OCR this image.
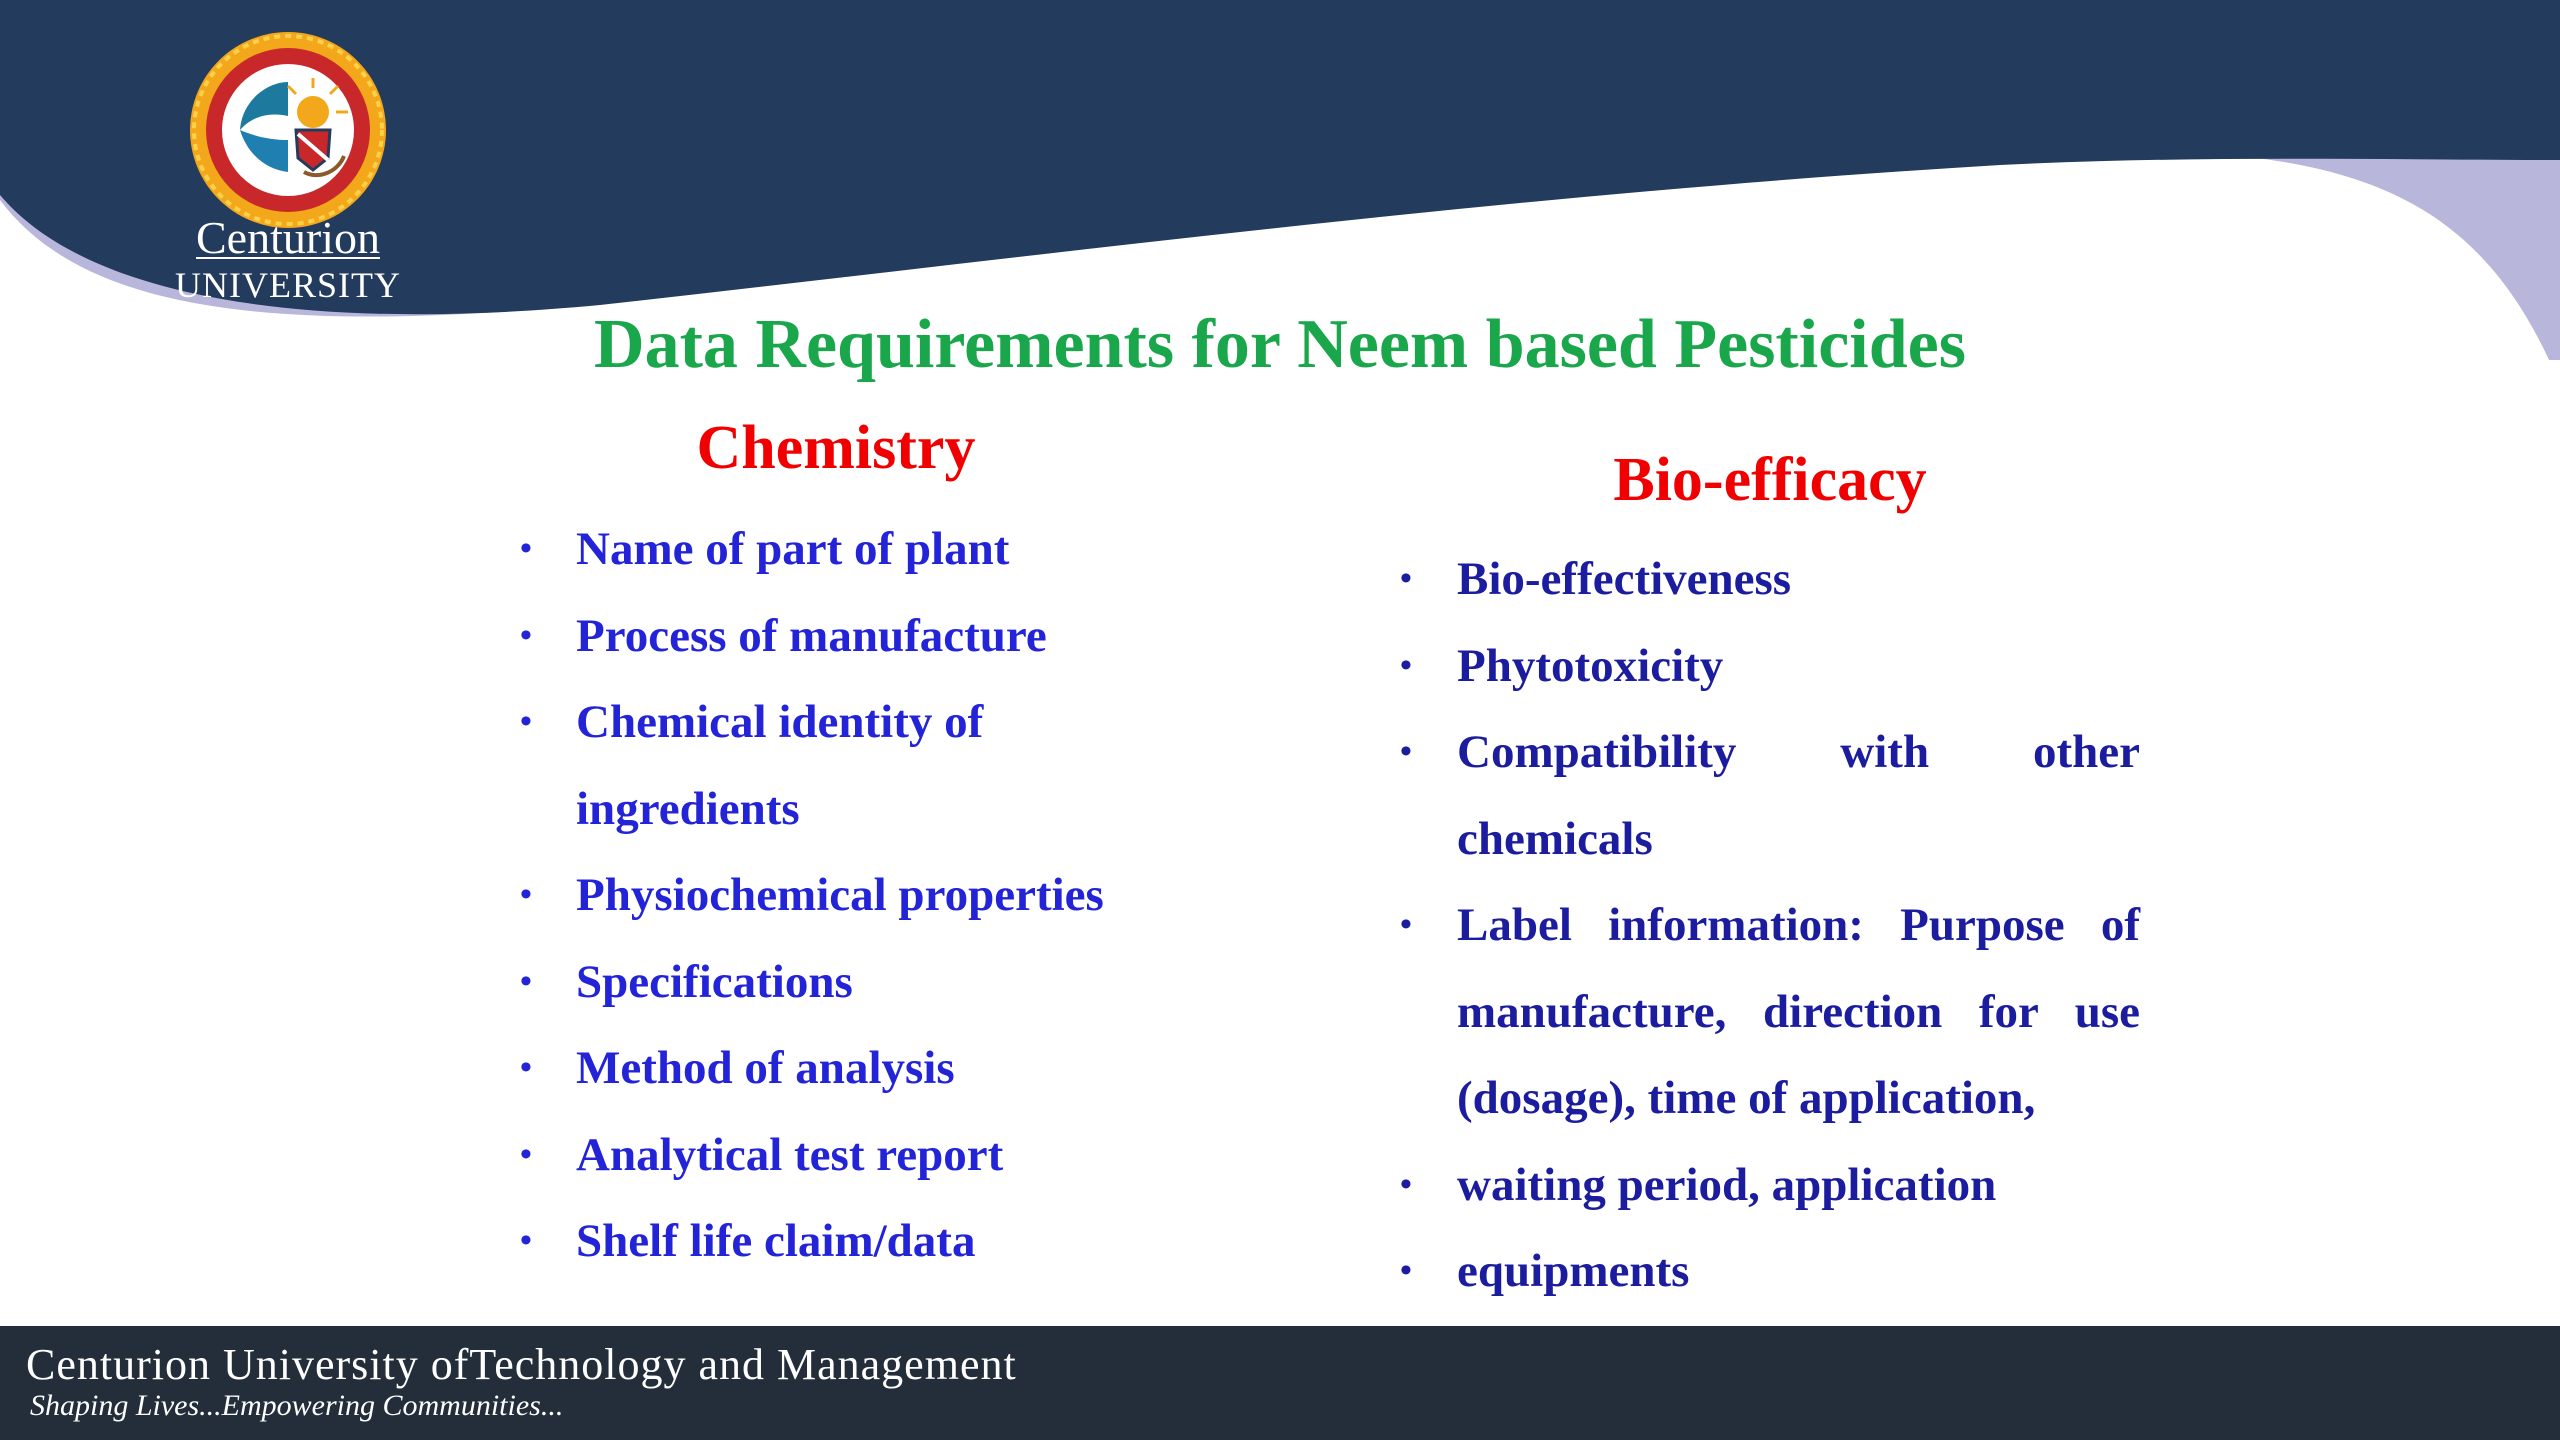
Centurion
UNIVERSITY
Data Requirements for Neem based Pesticides
Chemistry
• Name of part of plant
• Process of manufacture
• Chemical identity of ingredients
• Physiochemical properties
• Specifications
• Method of analysis
• Analytical test report
• Shelf life claim/data
Bio-efficacy
• Bio-effectiveness
• Phytotoxicity
• Compatibility with other chemicals
• Label information: Purpose of manufacture, direction for use (dosage), time of application,
• waiting period, application
• equipments
Centurion University ofTechnology and Management
Shaping Lives...Empowering Communities...
